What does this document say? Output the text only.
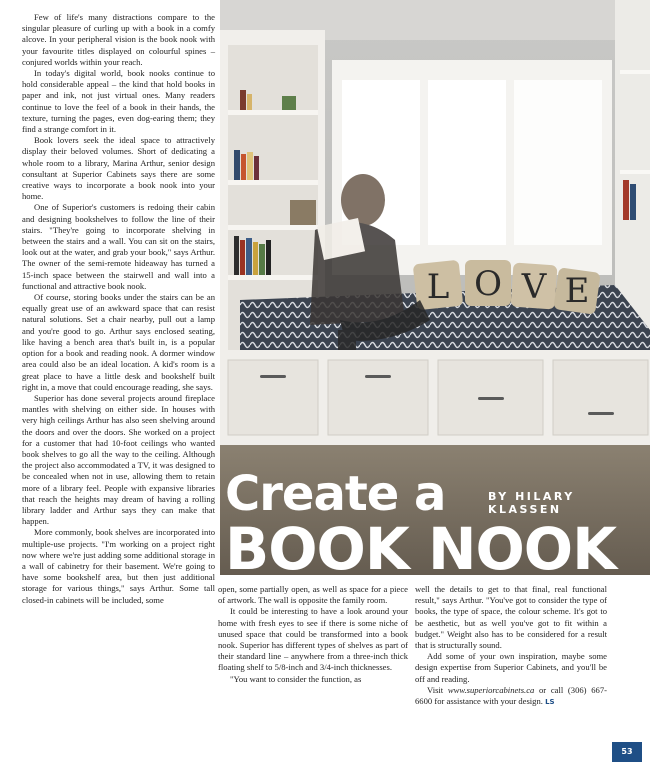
L O V E
Create a
BOOK NOOK
BY HILARY KLASSEN

Few of life's many distractions compare to the singular pleasure of curling up with a book in a comfy alcove. In your peripheral vision is the book nook with your favourite titles displayed on colourful spines – conjured worlds within your reach.

In today's digital world, book nooks continue to hold considerable appeal – the kind that hold books in paper and ink, not just virtual ones. Many readers continue to love the feel of a book in their hands, the texture, turning the pages, even dog-earing them; they find a strange comfort in it.

Book lovers seek the ideal space to attractively display their beloved volumes. Short of dedicating a whole room to a library, Marina Arthur, senior design consultant at Superior Cabinets says there are some creative ways to incorporate a book nook into your home.

One of Superior's customers is redoing their cabin and designing bookshelves to follow the line of their stairs. "They're going to incorporate shelving in between the stairs and a wall. You can sit on the stairs, look out at the water, and grab your book," says Arthur. The owner of the semi-remote hideaway has turned a 15-inch space between the stairwell and wall into a functional and attractive book nook.

Of course, storing books under the stairs can be an equally great use of an awkward space that can resist natural solutions. Set a chair nearby, pull out a lamp and you're good to go. Arthur says enclosed seating, like having a bench area that's built in, is a popular option for a book and reading nook. A dormer window area could also be an ideal location. A kid's room is a great place to have a little desk and bookshelf built right in, a move that could encourage reading, she says.

Superior has done several projects around fireplace mantles with shelving on either side. In houses with very high ceilings Arthur has also seen shelving around the doors and over the doors. She worked on a project for a customer that had 10-foot ceilings who wanted book shelves to go all the way to the ceiling. Although the project also accommodated a TV, it was designed to be concealed when not in use, allowing them to retain more of a library feel. People with expansive libraries that reach the heights may dream of having a rolling library ladder and Arthur says they can make that happen.

More commonly, book shelves are incorporated into multiple-use projects. "I'm working on a project right now where we're just adding some additional storage in a wall of cabinetry for their basement. We're going to have some bookshelf area, but then just additional storage for various things," says Arthur. Some tall closed-in cabinets will be included, some

open, some partially open, as well as space for a piece of artwork. The wall is opposite the family room.

It could be interesting to have a look around your home with fresh eyes to see if there is some niche of unused space that could be transformed into a book nook. Superior has different types of shelves as part of their standard line – anywhere from a three-inch thick floating shelf to 5/8-inch and 3/4-inch thicknesses.

"You want to consider the function, as

well the details to get to that final, real functional result," says Arthur. "You've got to consider the type of books, the type of space, the colour scheme. It's got to be aesthetic, but as well you've got to fit within a budget." Weight also has to be considered for a result that is structurally sound.

Add some of your own inspiration, maybe some design expertise from Superior Cabinets, and you'll be off and reading.

Visit www.superiorcabinets.ca or call (306) 667-6600 for assistance with your design. LS

53
